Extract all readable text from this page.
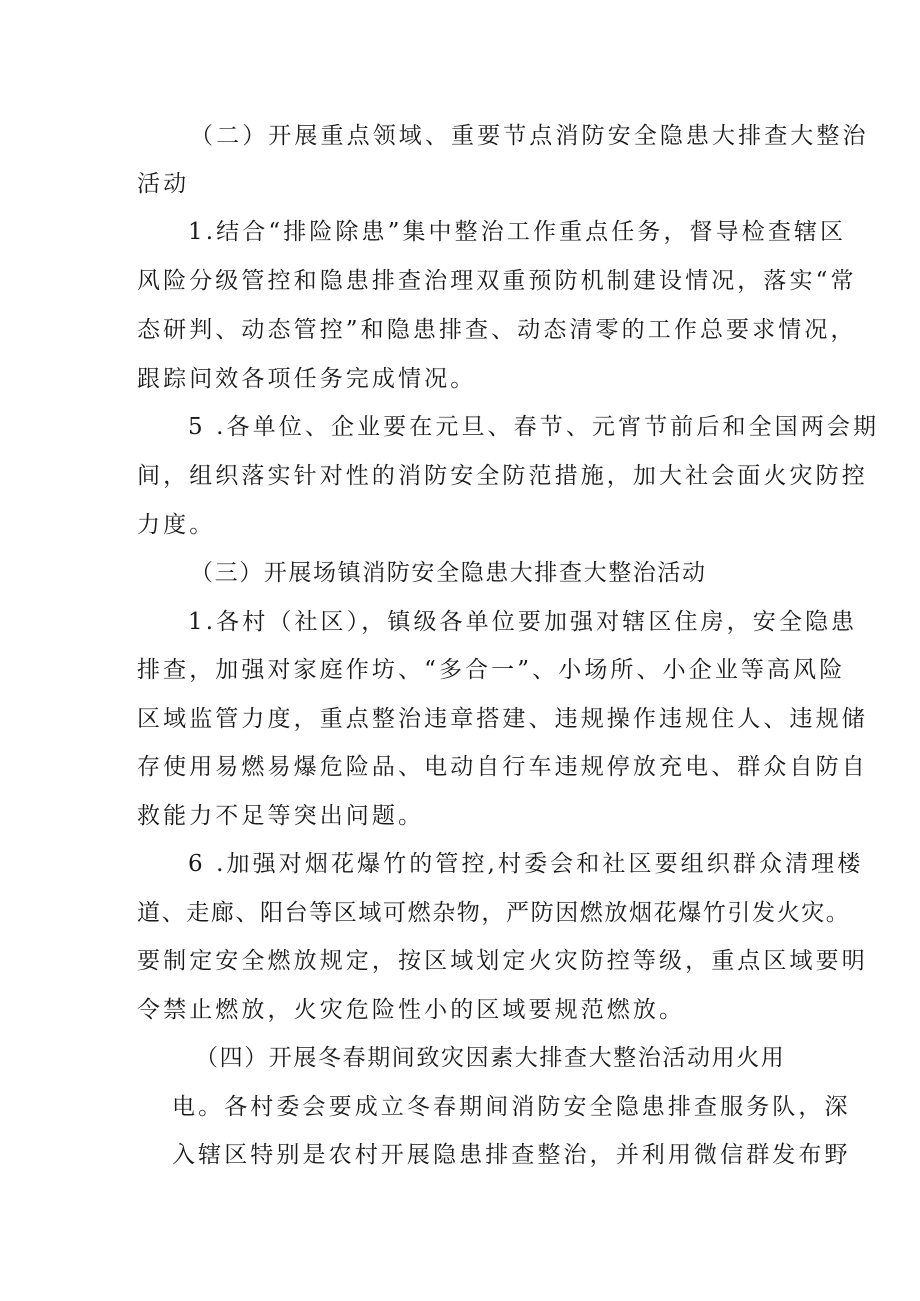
（二）开展重点领域、重要节点消防安全隐患大排查大整治
活动
1.结合“排险除患”集中整治工作重点任务，督导检查辖区
风险分级管控和隐患排查治理双重预防机制建设情况，落实“常
态研判、动态管控”和隐患排查、动态清零的工作总要求情况，
跟踪问效各项任务完成情况。
5 .各单位、企业要在元旦、春节、元宵节前后和全国两会期
间，组织落实针对性的消防安全防范措施，加大社会面火灾防控
力度。
（三）开展场镇消防安全隐患大排查大整治活动
1.各村（社区），镇级各单位要加强对辖区住房，安全隐患
排查，加强对家庭作坊、“多合一”、小场所、小企业等高风险
区域监管力度，重点整治违章搭建、违规操作违规住人、违规储
存使用易燃易爆危险品、电动自行车违规停放充电、群众自防自
救能力不足等突出问题。
6 .加强对烟花爆竹的管控,村委会和社区要组织群众清理楼
道、走廊、阳台等区域可燃杂物，严防因燃放烟花爆竹引发火灾。
要制定安全燃放规定，按区域划定火灾防控等级，重点区域要明
令禁止燃放，火灾危险性小的区域要规范燃放。
（四）开展冬春期间致灾因素大排查大整治活动用火用
电。各村委会要成立冬春期间消防安全隐患排查服务队，深
入辖区特别是农村开展隐患排查整治，并利用微信群发布野
